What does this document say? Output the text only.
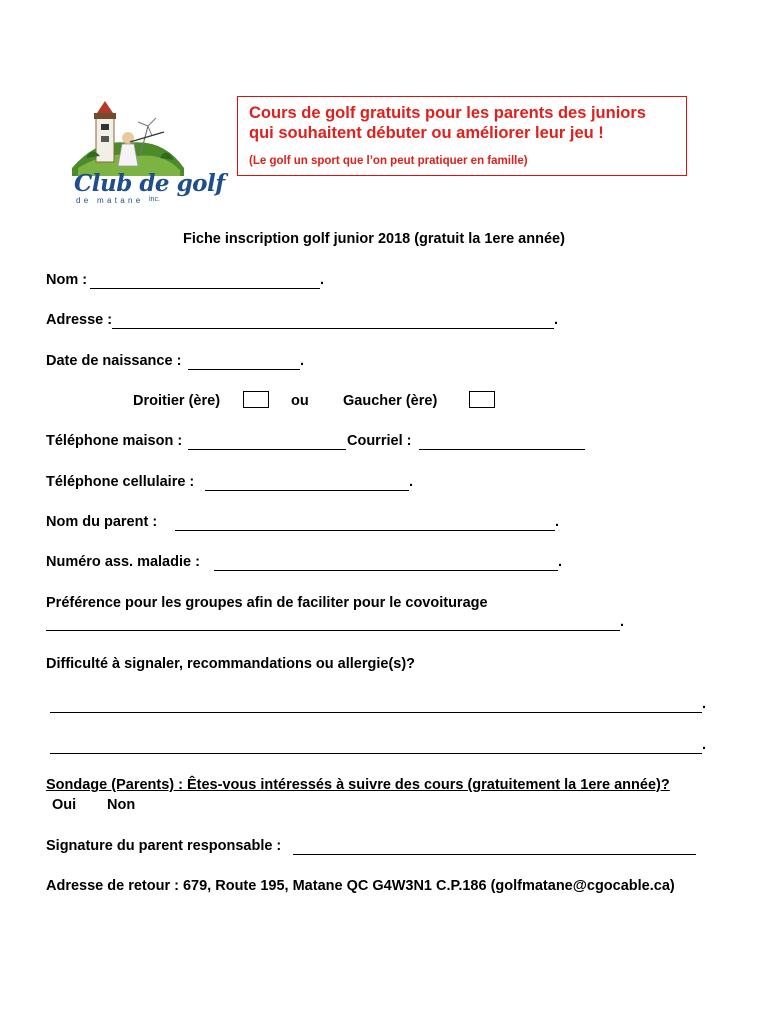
Club de golf
de matane inc.
Cours de golf gratuits pour les parents des juniors
qui souhaitent débuter ou améliorer leur jeu !
(Le golf un sport que l’on peut pratiquer en famille)
Fiche inscription golf junior 2018 (gratuit la 1ere année)
Nom :	.
Adresse :	.
Date de naissance :	.
Droitier (ère)	ou Gaucher (ère)
Téléphone maison :	Courriel :
Téléphone cellulaire :	.
Nom du parent :	.
Numéro ass. maladie :	.
Préférence pour les groupes afin de faciliter pour le covoiturage
.
Difficulté à signaler, recommandations ou allergie(s)?
.
.
Sondage (Parents) : Êtes-vous intéressés à suivre des cours (gratuitement la 1ere année)?
Oui Non
Signature du parent responsable :
Adresse de retour : 679, Route 195, Matane QC G4W3N1 C.P.186 (golfmatane@cgocable.ca)
